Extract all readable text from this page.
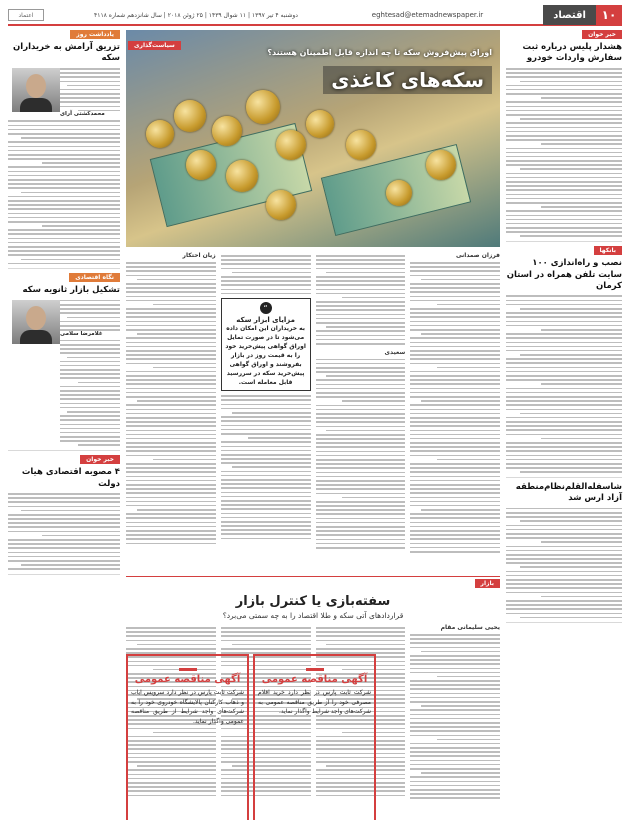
۱۰
اقتصاد
eghtesad@etemadnewspaper.ir
دوشنبه ۴ تیر ۱۳۹۷ | ۱۱ شوال ۱۴۳۹ | ۲۵ ژوئن ۲۰۱۸ | سال شانزدهم شماره ۴۱۱۸
اعتماد
خبر خوان
هشدار پلیس درباره ثبت سفارش واردات خودرو
بانکها
نصب و راه‌اندازی ۱۰۰ سایت تلفن همراه در استان کرمان
شاسفله‌القلم‌نظام‌منطقه آزاد ارس شد
سیاست‌گذاری
اوراق پیش‌فروش سکه تا چه اندازه قابل اطمینان هستند؟
سکه‌های کاغذی
فرزان صمدانی
سعیدی
“
مزایای ابزار سکه
به خریداران این امکان داده می‌شود تا در صورت تمایل اوراق گواهی پیش‌خرید خود را به قیمت روز در بازار بفروشند و اوراق گواهی پیش‌خرید سکه در سررسید قابل معامله است.
زیان احتکار
بازار
سفته‌بازی یا کنترل بازار
قراردادهای آتی سکه و طلا اقتصاد را به چه سمتی می‌برد؟
یحیی سلیمانی مقام
یادداشت روز
تزریق آرامش به خریداران سکه
محمدکشتی آرای
نگاه اقتصادی
تشکیل بازار ثانویه سکه
غلامرضا سلامی
خبر خوان
۴ مصوبه اقتصادی هیات دولت
آگهی مناقصه عمومی
شرکت ثابت پارس در نظر دارد خرید اقلام مصرفی خود را از طریق مناقصه عمومی به شرکت‌های واجد شرایط واگذار نماید.
آگهی مناقصه عمومی
شرکت ثابت پارس در نظر دارد سرویس ایاب و ذهاب کارکنان پالایشگاه خودروی خود را به شرکت‌های واجد شرایط از طریق مناقصه عمومی واگذار نماید.
